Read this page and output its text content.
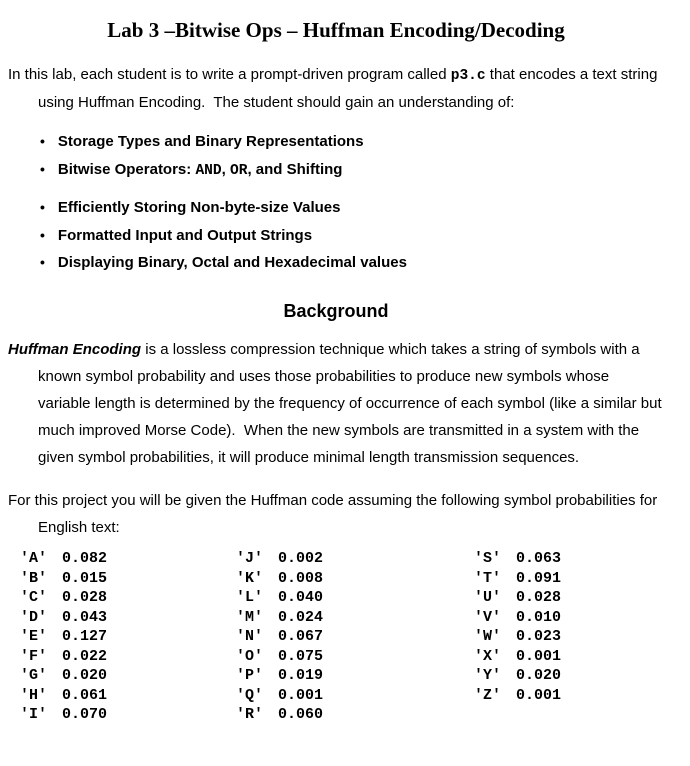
Lab 3 –Bitwise Ops – Huffman Encoding/Decoding

In this lab, each student is to write a prompt-driven program called p3.c that encodes a text string using Huffman Encoding.  The student should gain an understanding of:

• Storage Types and Binary Representations
• Bitwise Operators: AND, OR, and Shifting
• Efficiently Storing Non-byte-size Values
• Formatted Input and Output Strings
• Displaying Binary, Octal and Hexadecimal values
Background

Huffman Encoding is a lossless compression technique which takes a string of symbols with a known symbol probability and uses those probabilities to produce new symbols whose variable length is determined by the frequency of occurrence of each symbol (like a similar but much improved Morse Code).  When the new symbols are transmitted in a system with the given symbol probabilities, it will produce minimal length transmission sequences.

For this project you will be given the Huffman code assuming the following symbol probabilities for English text:

'A' 0.082
'B' 0.015
'C' 0.028
'D' 0.043
'E' 0.127
'F' 0.022
'G' 0.020
'H' 0.061
'I' 0.070
'J' 0.002
'K' 0.008
'L' 0.040
'M' 0.024
'N' 0.067
'O' 0.075
'P' 0.019
'Q' 0.001
'R' 0.060
'S' 0.063
'T' 0.091
'U' 0.028
'V' 0.010
'W' 0.023
'X' 0.001
'Y' 0.020
'Z' 0.001
